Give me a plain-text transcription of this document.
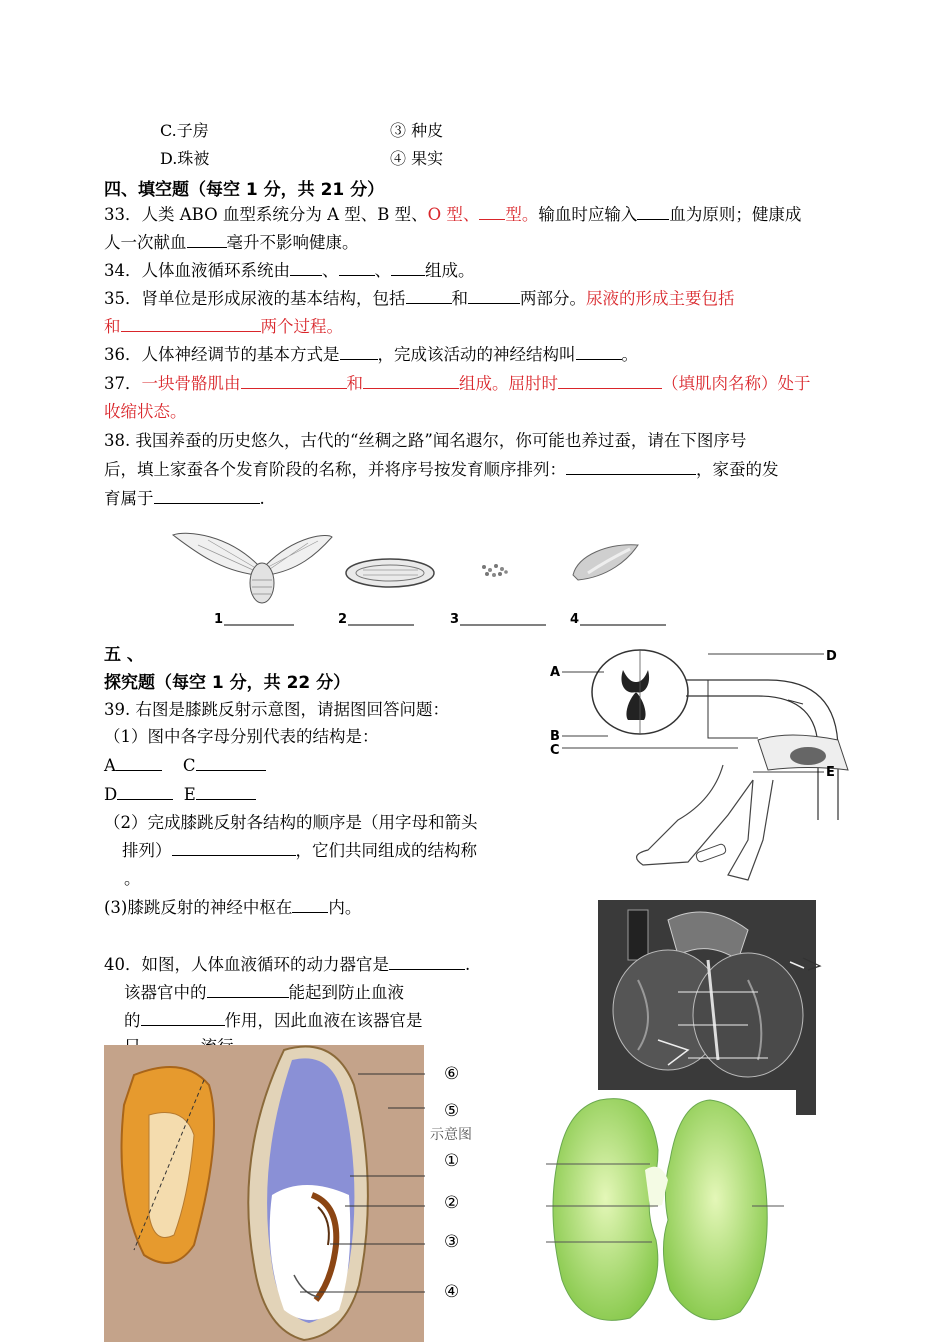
C.子房	③ 种皮
D.珠被	④ 果实
四、填空题（每空 1 分，共 21 分）
33．人类 ABO 血型系统分为 A 型、B 型、O 型、 型。输血时应输入 血为原则；健康成
人一次献血 毫升不影响健康。
34．人体血液循环系统由 、 、 组成。
35．肾单位是形成尿液的基本结构，包括	和	两部分。尿液的形成主要包括
和	两个过程。
36．人体神经调节的基本方式是 ，完成该活动的神经结构叫	。
37．一块骨骼肌由	和	组成。屈肘时	（填肌肉名称）处于
收缩状态。
38. 我国养蚕的历史悠久，古代的“丝稠之路”闻名遐尔，你可能也养过蚕，请在下图序号
后，填上家蚕各个发育阶段的名称，并将序号按发育顺序排列：	，家蚕的发
育属于	.
1	2	3	4
五 、
探究题（每空 1 分，共 22 分）
39. 右图是膝跳反射示意图，请据图回答问题：
（1）图中各字母分别代表的结构是：
A	C
D	E
（2）完成膝跳反射各结构的顺序是（用字母和箭头
排列）	，它们共同组成的结构称
。
(3)膝跳反射的神经中枢在 内。
A
B
C
D
E
40．如图，人体血液循环的动力器官是	.
该器官中的	能起到防止血液
的	作用，因此血液在该器官是
⑥
⑤
示意图
①
②
③
④
